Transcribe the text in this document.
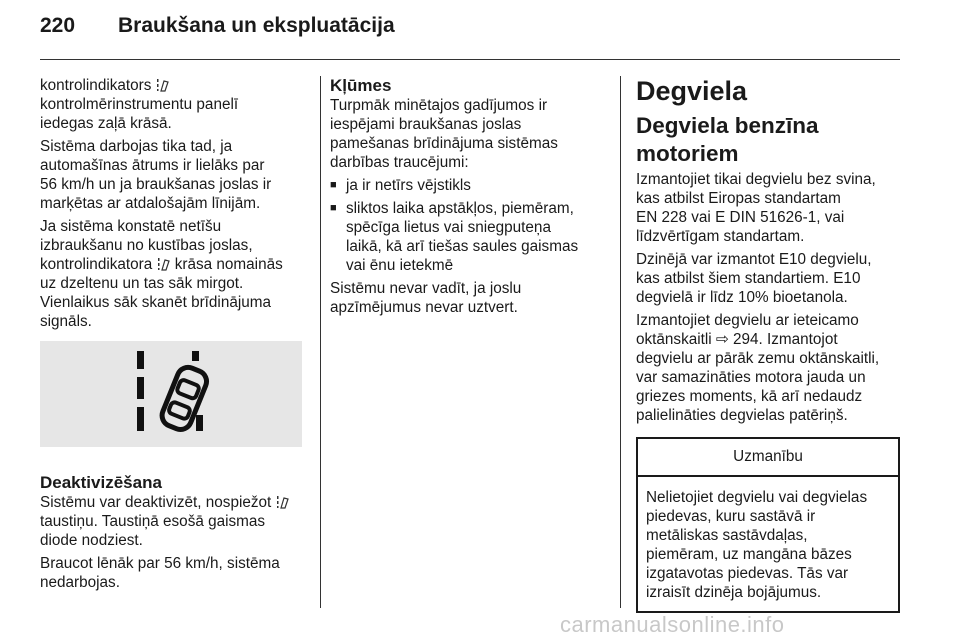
220 Braukšana un ekspluatācija

kontrolindikators
kontrolmērinstrumentu panelī
iedegas zaļā krāsā.

Sistēma darbojas tika tad, ja
automašīnas ātrums ir lielāks par
56 km/h un ja braukšanas joslas ir
marķētas ar atdalošajām līnijām.

Ja sistēma konstatē netīšu
izbraukšanu no kustības joslas,
kontrolindikatora  krāsa nomainās
uz dzeltenu un tas sāk mirgot.
Vienlaikus sāk skanēt brīdinājuma
signāls.

Deaktivizēšana

Sistēmu var deaktivizēt, nospiežot
taustiņu. Taustiņā esošā gaismas
diode nodziest.

Braucot lēnāk par 56 km/h, sistēma
nedarbojas.

Kļūmes

Turpmāk minētajos gadījumos ir
iespējami braukšanas joslas
pamešanas brīdinājuma sistēmas
darbības traucējumi:

■ ja ir netīrs vējstikls
■ sliktos laika apstākļos, piemēram,
spēcīga lietus vai sniegputeņa
laikā, kā arī tiešas saules gaismas
vai ēnu ietekmē

Sistēmu nevar vadīt, ja joslu
apzīmējumus nevar uztvert.

Degviela

Degviela benzīna motoriem

Izmantojiet tikai degvielu bez svina,
kas atbilst Eiropas standartam
EN 228 vai E DIN 51626-1, vai
līdzvērtīgam standartam.

Dzinējā var izmantot E10 degvielu,
kas atbilst šiem standartiem. E10
degvielā ir līdz 10% bioetanola.

Izmantojiet degvielu ar ieteicamo
oktānskaitli ⇨ 294. Izmantojot
degvielu ar pārāk zemu oktānskaitli,
var samazināties motora jauda un
griezes moments, kā arī nedaudz
palielināties degvielas patēriņš.

Uzmanību
Nelietojiet degvielu vai degvielas
piedevas, kuru sastāvā ir
metāliskas sastāvdaļas,
piemēram, uz mangāna bāzes
izgatavotas piedevas. Tās var
izraisīt dzinēja bojājumus.
carmanualsonline.info
